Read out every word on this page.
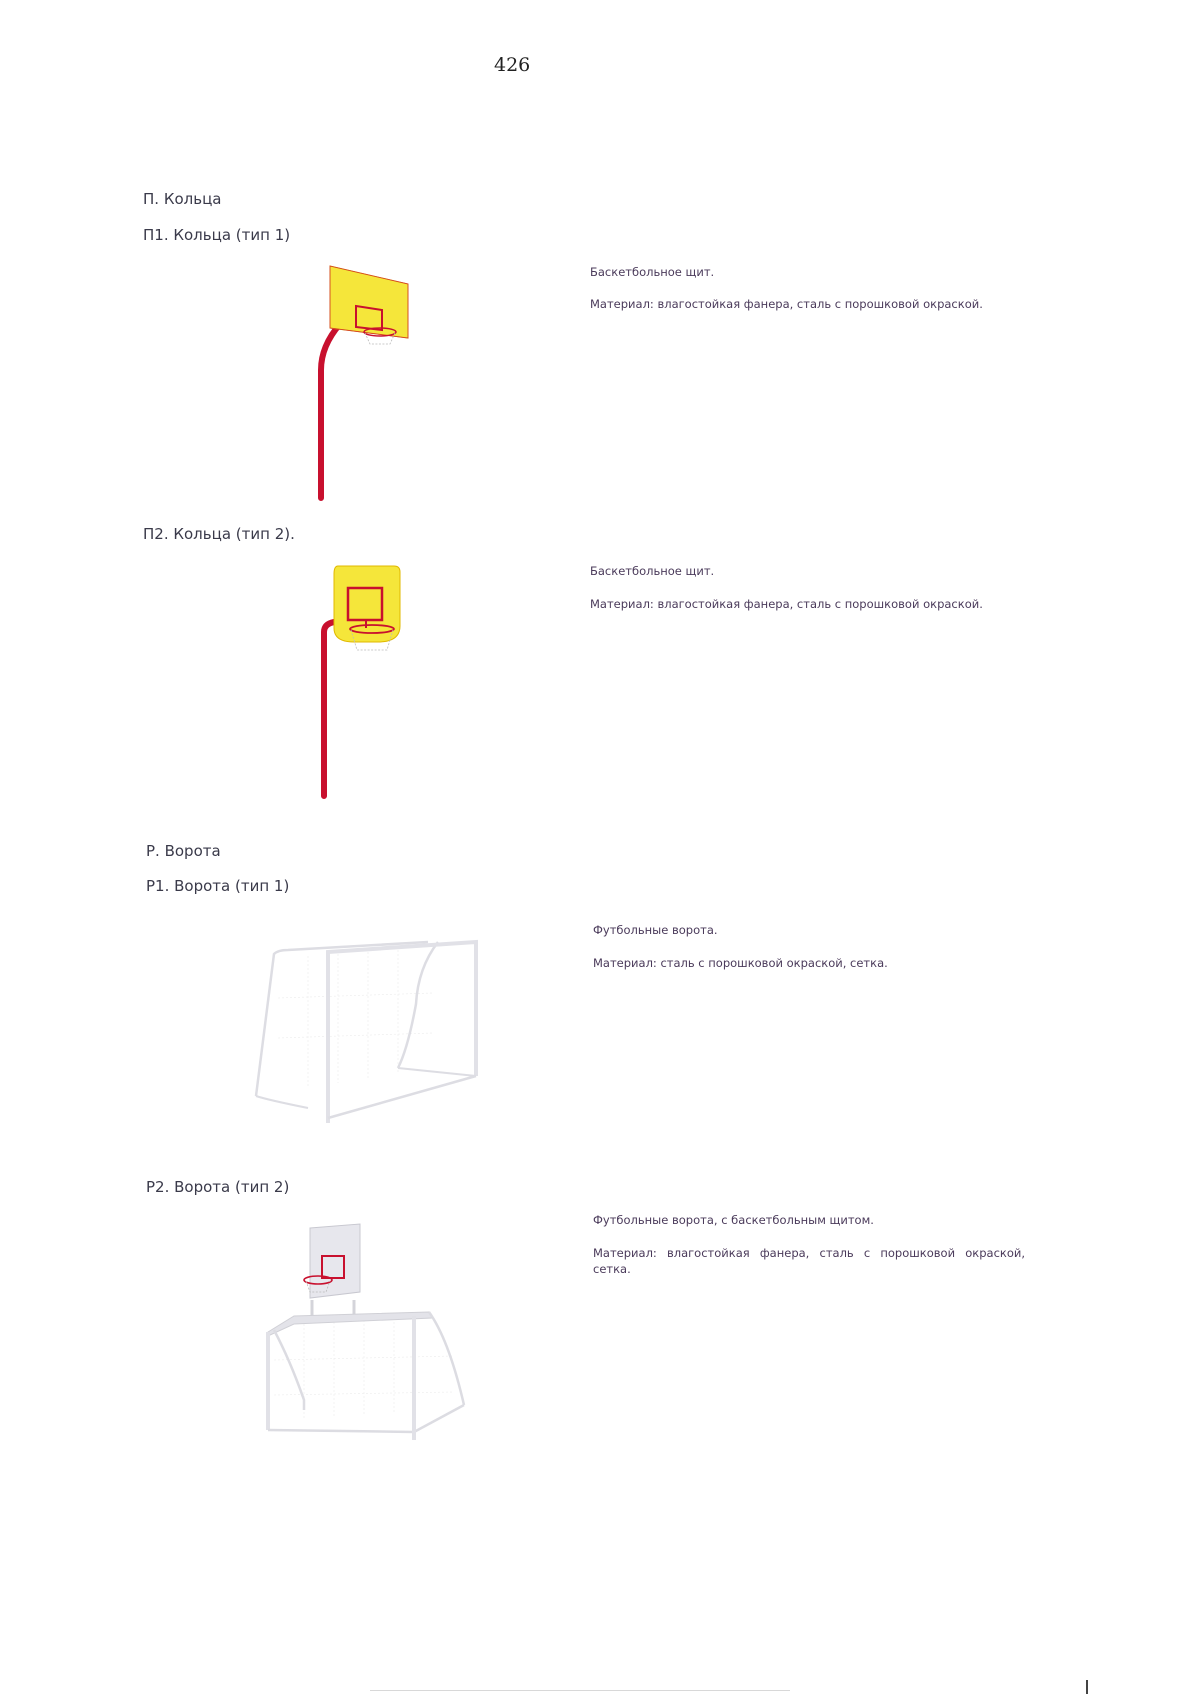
426
П. Кольца
П1. Кольца (тип 1)
Баскетбольное щит.
Материал: влагостойкая фанера, сталь с порошковой окраской.
П2. Кольца (тип 2).
Баскетбольное щит.
Материал: влагостойкая фанера, сталь с порошковой окраской.
Р. Ворота
Р1. Ворота (тип 1)
Футбольные ворота.
Материал: сталь с порошковой окраской, сетка.
Р2. Ворота (тип 2)
Футбольные ворота, с баскетбольным щитом.
Материал: влагостойкая фанера, сталь с порошковой окраской, сетка.
